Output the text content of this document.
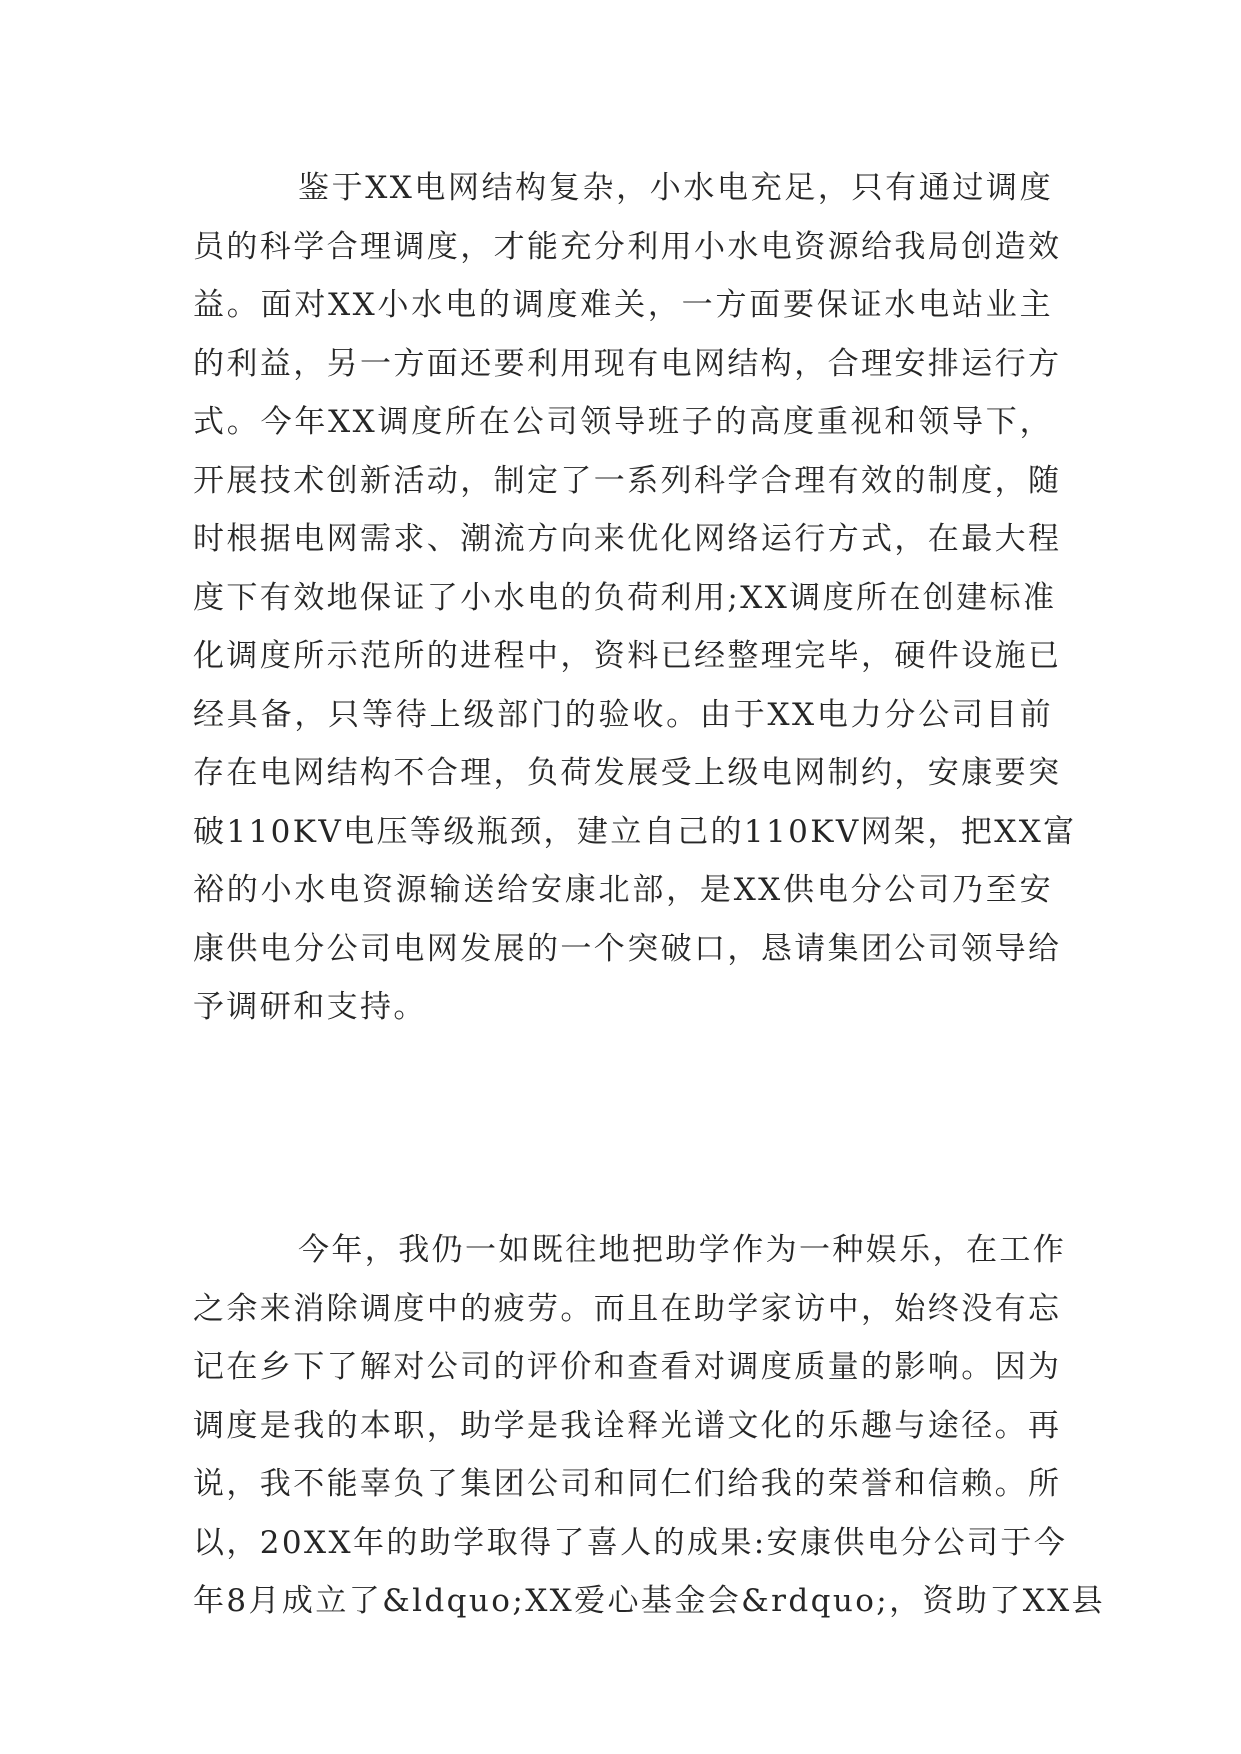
鉴于XX电网结构复杂，小水电充足，只有通过调度
员的科学合理调度，才能充分利用小水电资源给我局创造效
益。面对XX小水电的调度难关，一方面要保证水电站业主
的利益，另一方面还要利用现有电网结构，合理安排运行方
式。今年XX调度所在公司领导班子的高度重视和领导下，
开展技术创新活动，制定了一系列科学合理有效的制度，随
时根据电网需求、潮流方向来优化网络运行方式，在最大程
度下有效地保证了小水电的负荷利用;XX调度所在创建标准
化调度所示范所的进程中，资料已经整理完毕，硬件设施已
经具备，只等待上级部门的验收。由于XX电力分公司目前
存在电网结构不合理，负荷发展受上级电网制约，安康要突
破110KV电压等级瓶颈，建立自己的110KV网架，把XX富
裕的小水电资源输送给安康北部，是XX供电分公司乃至安
康供电分公司电网发展的一个突破口，恳请集团公司领导给
予调研和支持。
今年，我仍一如既往地把助学作为一种娱乐，在工作
之余来消除调度中的疲劳。而且在助学家访中，始终没有忘
记在乡下了解对公司的评价和查看对调度质量的影响。因为
调度是我的本职，助学是我诠释光谱文化的乐趣与途径。再
说，我不能辜负了集团公司和同仁们给我的荣誉和信赖。所
以，20XX年的助学取得了喜人的成果:安康供电分公司于今
年8月成立了&ldquo;XX爱心基金会&rdquo;，资助了XX县
